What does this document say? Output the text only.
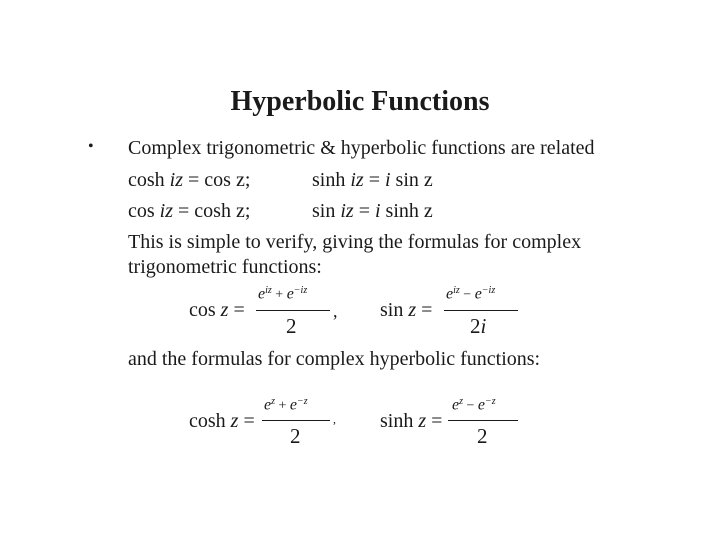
Hyperbolic Functions
• Complex trigonometric & hyperbolic functions are related
cosh iz = cos z;	sinh iz = i sin z
cos iz = cosh z;	sin iz = i sinh z
This is simple to verify, giving the formulas for complex
trigonometric functions:
cos z =
$e^{iz} + e^{-iz}$
2
, sin z =
$e^{iz} - e^{-iz}$
2i
and the formulas for complex hyperbolic functions:
cosh z =
$e^z + e^{-z}$
2
, sinh z =
$e^z - e^{-z}$
2
